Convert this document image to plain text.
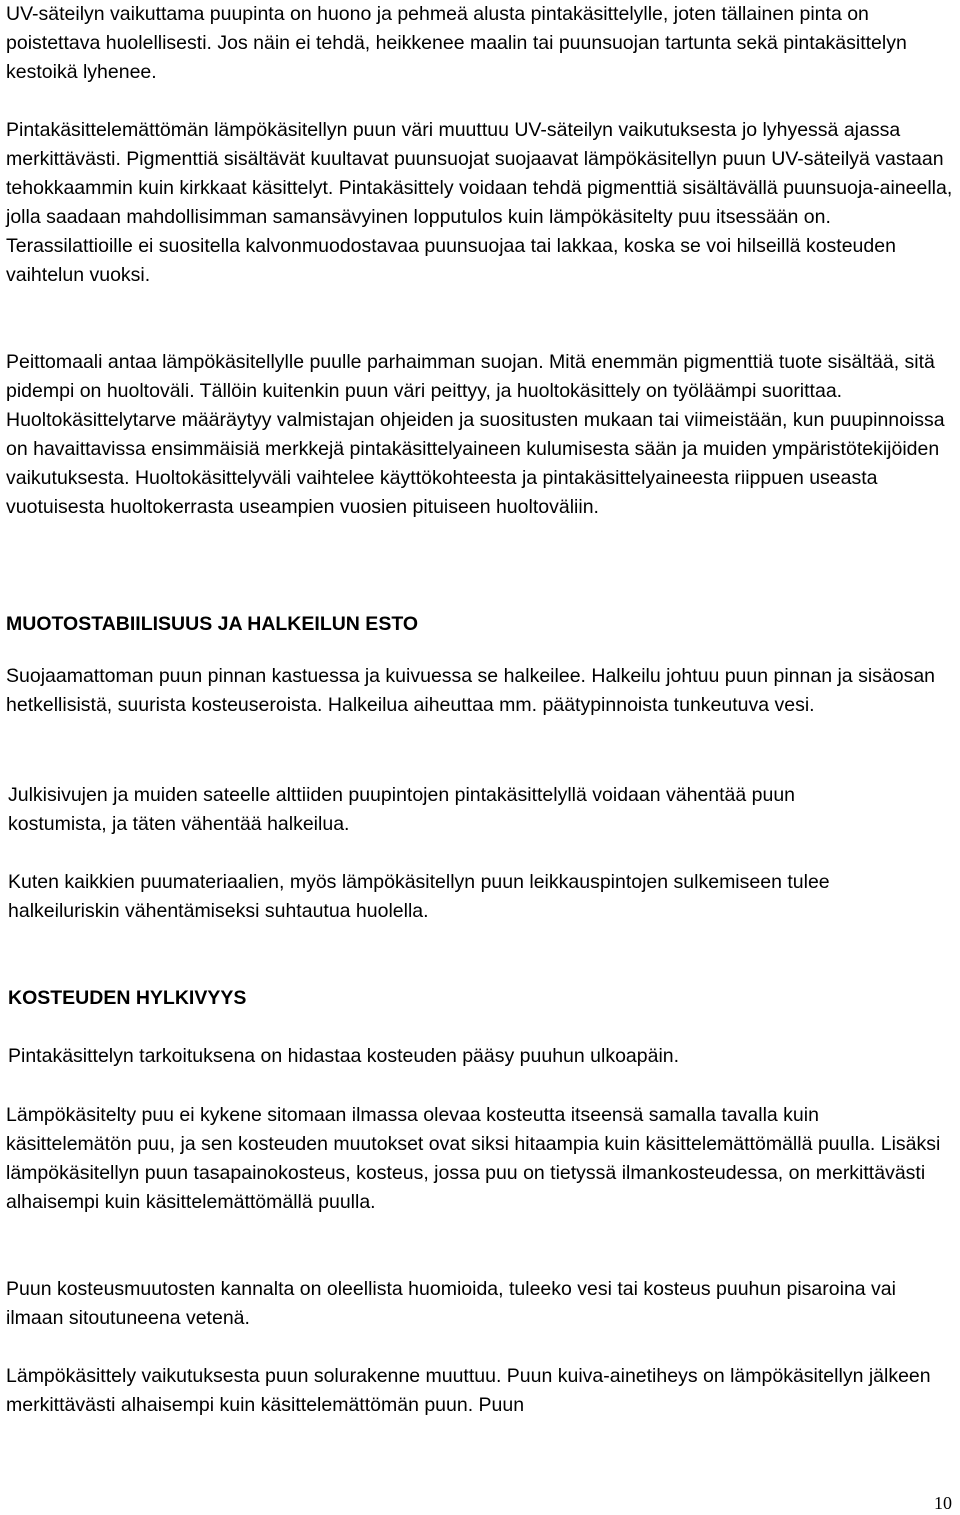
UV-säteilyn vaikuttama puupinta on huono ja pehmeä alusta pintakäsittelylle, joten tällainen pinta on poistettava huolellisesti. Jos näin ei tehdä, heikkenee maalin tai puunsuojan tartunta sekä pintakäsittelyn kestoikä lyhenee.

Pintakäsittelemättömän lämpökäsitellyn puun väri muuttuu UV-säteilyn vaikutuksesta jo lyhyessä ajassa merkittävästi. Pigmenttiä sisältävät kuultavat puunsuojat suojaavat lämpökäsitellyn puun UV-säteilyä vastaan tehokkaammin kuin kirkkaat käsittelyt. Pintakäsittely voidaan tehdä pigmenttiä sisältävällä puunsuoja-aineella, jolla saadaan mahdollisimman samansävyinen lopputulos kuin lämpökäsitelty puu itsessään on. Terassilattioille ei suositella kalvonmuodostavaa puunsuojaa tai lakkaa, koska se voi hilseillä kosteuden vaihtelun vuoksi.

Peittomaali antaa lämpökäsitellylle puulle parhaimman suojan. Mitä enemmän pigmenttiä tuote sisältää, sitä pidempi on huoltoväli. Tällöin kuitenkin puun väri peittyy, ja huoltokäsittely on työläämpi suorittaa. Huoltokäsittelytarve määräytyy valmistajan ohjeiden ja suositusten mukaan tai viimeistään, kun puupinnoissa on havaittavissa ensimmäisiä merkkejä pintakäsittelyaineen kulumisesta sään ja muiden ympäristötekijöiden vaikutuksesta. Huoltokäsittelyväli vaihtelee käyttökohteesta ja pintakäsittelyaineesta riippuen useasta vuotuisesta huoltokerrasta useampien vuosien pituiseen huoltoväliin.

MUOTOSTABIILISUUS JA HALKEILUN ESTO

Suojaamattoman puun pinnan kastuessa ja kuivuessa se halkeilee. Halkeilu johtuu puun pinnan ja sisäosan hetkellisistä, suurista kosteuseroista. Halkeilua aiheuttaa mm. päätypinnoista tunkeutuva vesi.

Julkisivujen ja muiden sateelle alttiiden puupintojen pintakäsittelyllä voidaan vähentää puun kostumista, ja täten vähentää halkeilua.

Kuten kaikkien puumateriaalien, myös lämpökäsitellyn puun leikkauspintojen sulkemiseen tulee halkeiluriskin vähentämiseksi suhtautua huolella.

KOSTEUDEN HYLKIVYYS

Pintakäsittelyn tarkoituksena on hidastaa kosteuden pääsy puuhun ulkoapäin.

Lämpökäsitelty puu ei kykene sitomaan ilmassa olevaa kosteutta itseensä samalla tavalla kuin käsittelemätön puu, ja sen kosteuden muutokset ovat siksi hitaampia kuin käsittelemättömällä puulla. Lisäksi lämpökäsitellyn puun tasapainokosteus, kosteus, jossa puu on tietyssä ilmankosteudessa, on merkittävästi alhaisempi kuin käsittelemättömällä puulla.

Puun kosteusmuutosten kannalta on oleellista huomioida, tuleeko vesi tai kosteus puuhun pisaroina vai ilmaan sitoutuneena vetenä.

Lämpökäsittely vaikutuksesta puun solurakenne muuttuu. Puun kuiva-ainetiheys on lämpökäsitellyn jälkeen merkittävästi alhaisempi kuin käsittelemättömän puun. Puun

10
